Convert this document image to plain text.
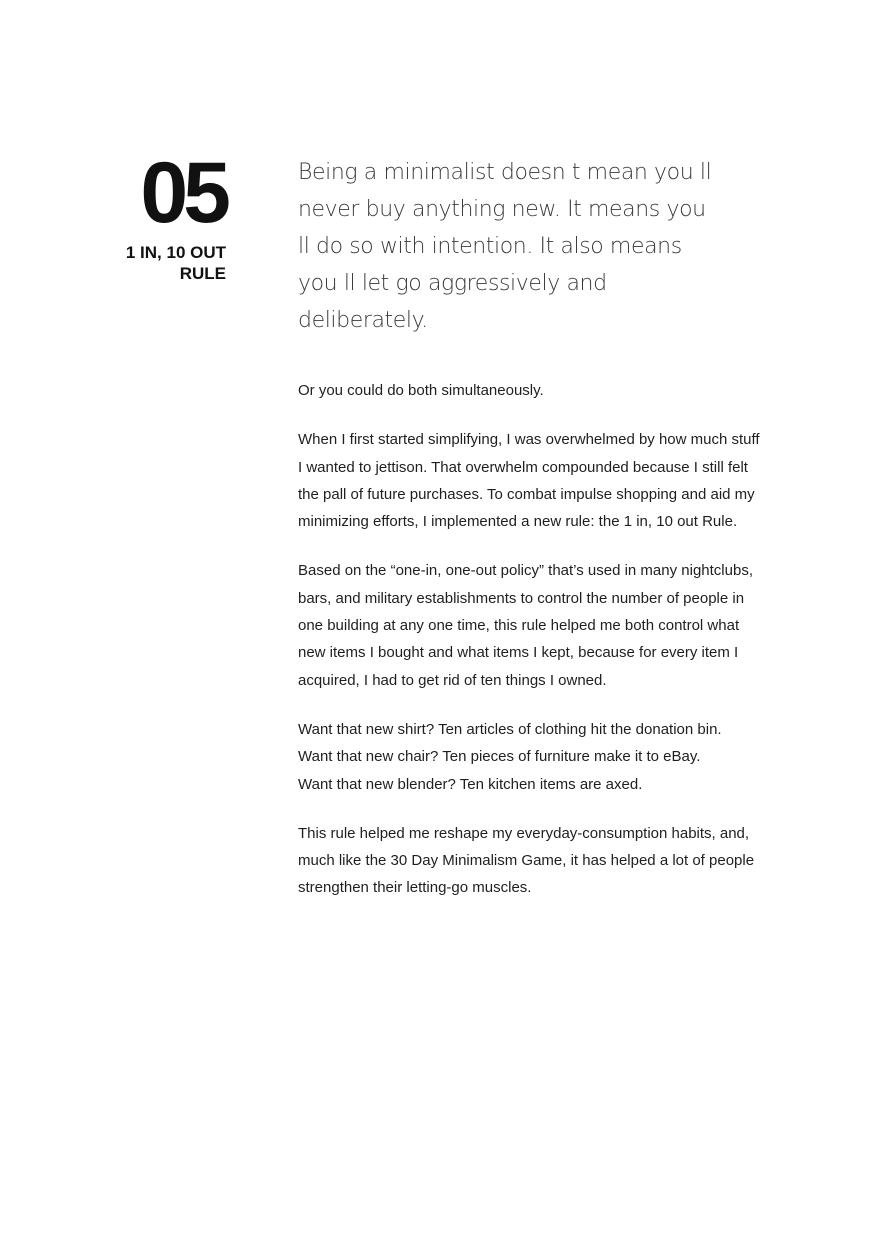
05
1 IN, 10 OUT RULE

Being a minimalist doesn t mean you ll never buy anything new. It means you ll do so with intention. It also means you ll let go aggressively and deliberately.

Or you could do both simultaneously.

When I first started simplifying, I was overwhelmed by how much stuff I wanted to jettison. That overwhelm compounded because I still felt the pall of future purchases. To combat impulse shopping and aid my minimizing efforts, I implemented a new rule: the 1 in, 10 out Rule.

Based on the “one-in, one-out policy” that’s used in many nightclubs, bars, and military establishments to control the number of people in one building at any one time, this rule helped me both control what new items I bought and what items I kept, because for every item I acquired, I had to get rid of ten things I owned.

Want that new shirt? Ten articles of clothing hit the donation bin.
Want that new chair? Ten pieces of furniture make it to eBay.
Want that new blender? Ten kitchen items are axed.

This rule helped me reshape my everyday-consumption habits, and, much like the 30 Day Minimalism Game, it has helped a lot of people strengthen their letting-go muscles.
